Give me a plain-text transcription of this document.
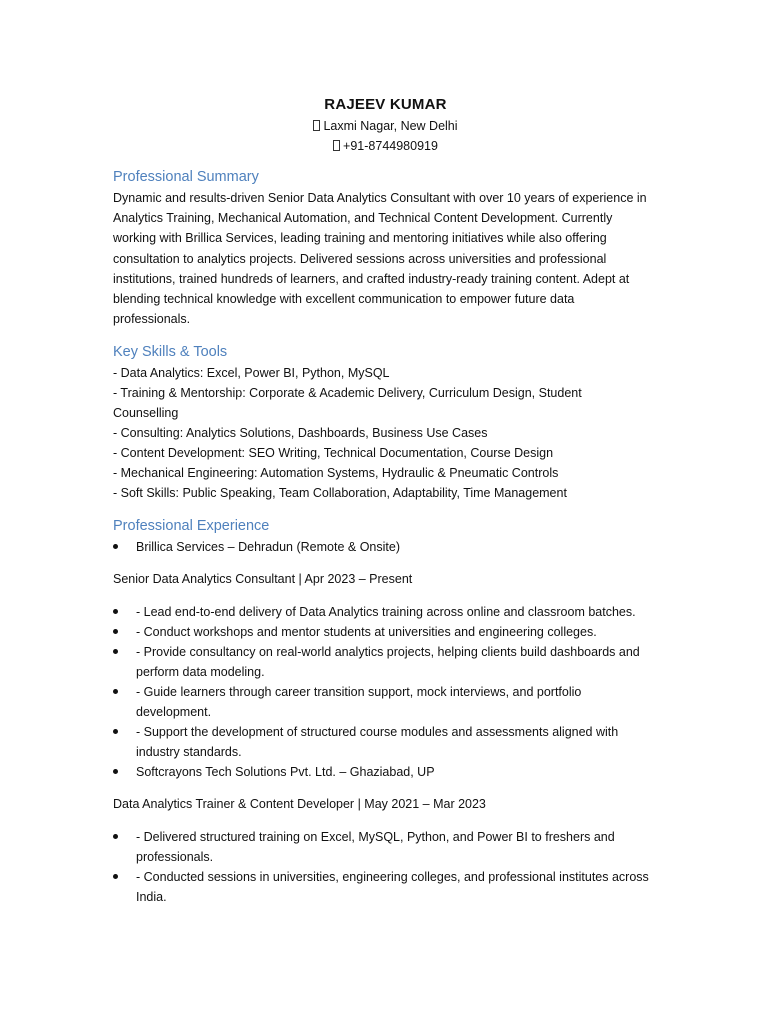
RAJEEV KUMAR
Laxmi Nagar, New Delhi
+91-8744980919
Professional Summary
Dynamic and results-driven Senior Data Analytics Consultant with over 10 years of experience in
Analytics Training, Mechanical Automation, and Technical Content Development. Currently
working with Brillica Services, leading training and mentoring initiatives while also offering
consultation to analytics projects. Delivered sessions across universities and professional
institutions, trained hundreds of learners, and crafted industry-ready training content. Adept at
blending technical knowledge with excellent communication to empower future data
professionals.
Key Skills & Tools
- Data Analytics: Excel, Power BI, Python, MySQL
- Training & Mentorship: Corporate & Academic Delivery, Curriculum Design, Student
Counselling
- Consulting: Analytics Solutions, Dashboards, Business Use Cases
- Content Development: SEO Writing, Technical Documentation, Course Design
- Mechanical Engineering: Automation Systems, Hydraulic & Pneumatic Controls
- Soft Skills: Public Speaking, Team Collaboration, Adaptability, Time Management
Professional Experience
Brillica Services – Dehradun (Remote & Onsite)
Senior Data Analytics Consultant | Apr 2023 – Present
- Lead end-to-end delivery of Data Analytics training across online and classroom batches.
- Conduct workshops and mentor students at universities and engineering colleges.
- Provide consultancy on real-world analytics projects, helping clients build dashboards and
perform data modeling.
- Guide learners through career transition support, mock interviews, and portfolio
development.
- Support the development of structured course modules and assessments aligned with
industry standards.
Softcrayons Tech Solutions Pvt. Ltd. – Ghaziabad, UP
Data Analytics Trainer & Content Developer | May 2021 – Mar 2023
- Delivered structured training on Excel, MySQL, Python, and Power BI to freshers and
professionals.
- Conducted sessions in universities, engineering colleges, and professional institutes across
India.
